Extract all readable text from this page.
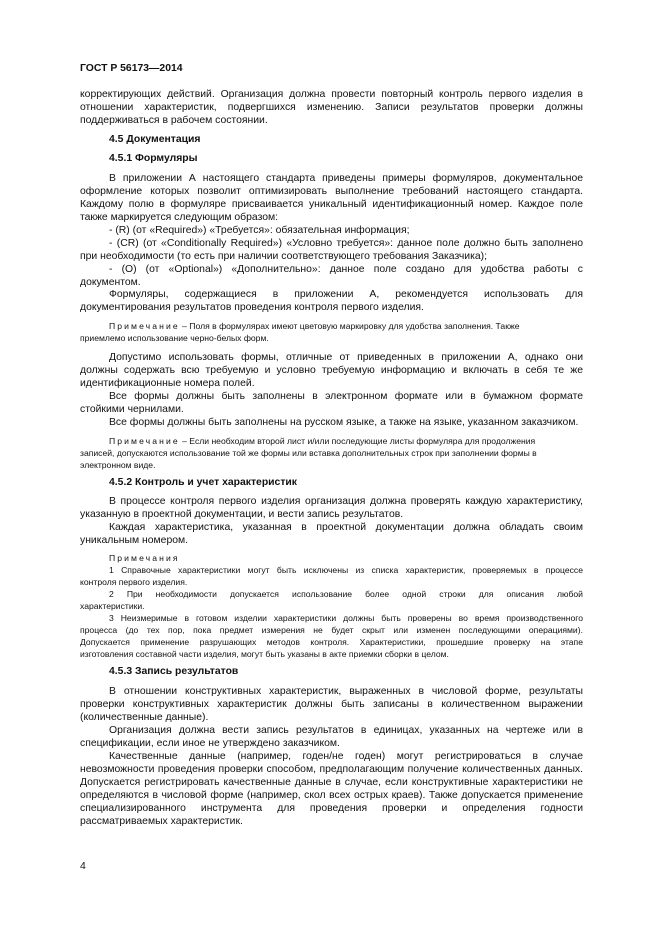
ГОСТ Р 56173—2014
корректирующих действий. Организация должна провести повторный контроль первого изделия в
отношении характеристик, подвергшихся изменению. Записи результатов проверки должны
поддерживаться в рабочем состоянии.
4.5 Документация
4.5.1 Формуляры
В приложении А настоящего стандарта приведены примеры формуляров, документальное
оформление которых позволит оптимизировать выполнение требований настоящего стандарта.
Каждому полю в формуляре присваивается уникальный идентификационный номер. Каждое поле
также маркируется следующим образом:
- (R) (от «Required») «Требуется»: обязательная информация;
- (CR) (от «Conditionally Required») «Условно требуется»: данное поле должно быть заполнено
при необходимости (то есть при наличии соответствующего требования Заказчика);
- (O) (от «Optional») «Дополнительно»: данное поле создано для удобства работы с
документом.
Формуляры, содержащиеся в приложении А, рекомендуется использовать для
документирования результатов проведения контроля первого изделия.
Примечание – Поля в формулярах имеют цветовую маркировку для удобства заполнения. Также
приемлемо использование черно-белых форм.
Допустимо использовать формы, отличные от приведенных в приложении А, однако они
должны содержать всю требуемую и условно требуемую информацию и включать в себя те же
идентификационные номера полей.
Все формы должны быть заполнены в электронном формате или в бумажном формате
стойкими чернилами.
Все формы должны быть заполнены на русском языке, а также на языке, указанном заказчиком.
Примечание – Если необходим второй лист и/или последующие листы формуляра для продолжения
записей, допускаются использование той же формы или вставка дополнительных строк при заполнении формы в
электронном виде.
4.5.2 Контроль и учет характеристик
В процессе контроля первого изделия организация должна проверять каждую характеристику,
указанную в проектной документации, и вести запись результатов.
Каждая характеристика, указанная в проектной документации должна обладать своим
уникальным номером.
Примечания
1 Справочные характеристики могут быть исключены из списка характеристик, проверяемых в процессе
контроля первого изделия.
2 При необходимости допускается использование более одной строки для описания любой
характеристики.
3 Неизмеримые в готовом изделии характеристики должны быть проверены во время производственного
процесса (до тех пор, пока предмет измерения не будет скрыт или изменен последующими операциями).
Допускается применение разрушающих методов контроля. Характеристики, прошедшие проверку на этапе
изготовления составной части изделия, могут быть указаны в акте приемки сборки в целом.
4.5.3 Запись результатов
В отношении конструктивных характеристик, выраженных в числовой форме, результаты
проверки конструктивных характеристик должны быть записаны в количественном выражении
(количественные данные).
Организация должна вести запись результатов в единицах, указанных на чертеже или в
спецификации, если иное не утверждено заказчиком.
Качественные данные (например, годен/не годен) могут регистрироваться в случае
невозможности проведения проверки способом, предполагающим получение количественных данных.
Допускается регистрировать качественные данные в случае, если конструктивные характеристики не
определяются в числовой форме (например, скол всех острых краев). Также допускается применение
специализированного инструмента для проведения проверки и определения годности
рассматриваемых характеристик.
4
